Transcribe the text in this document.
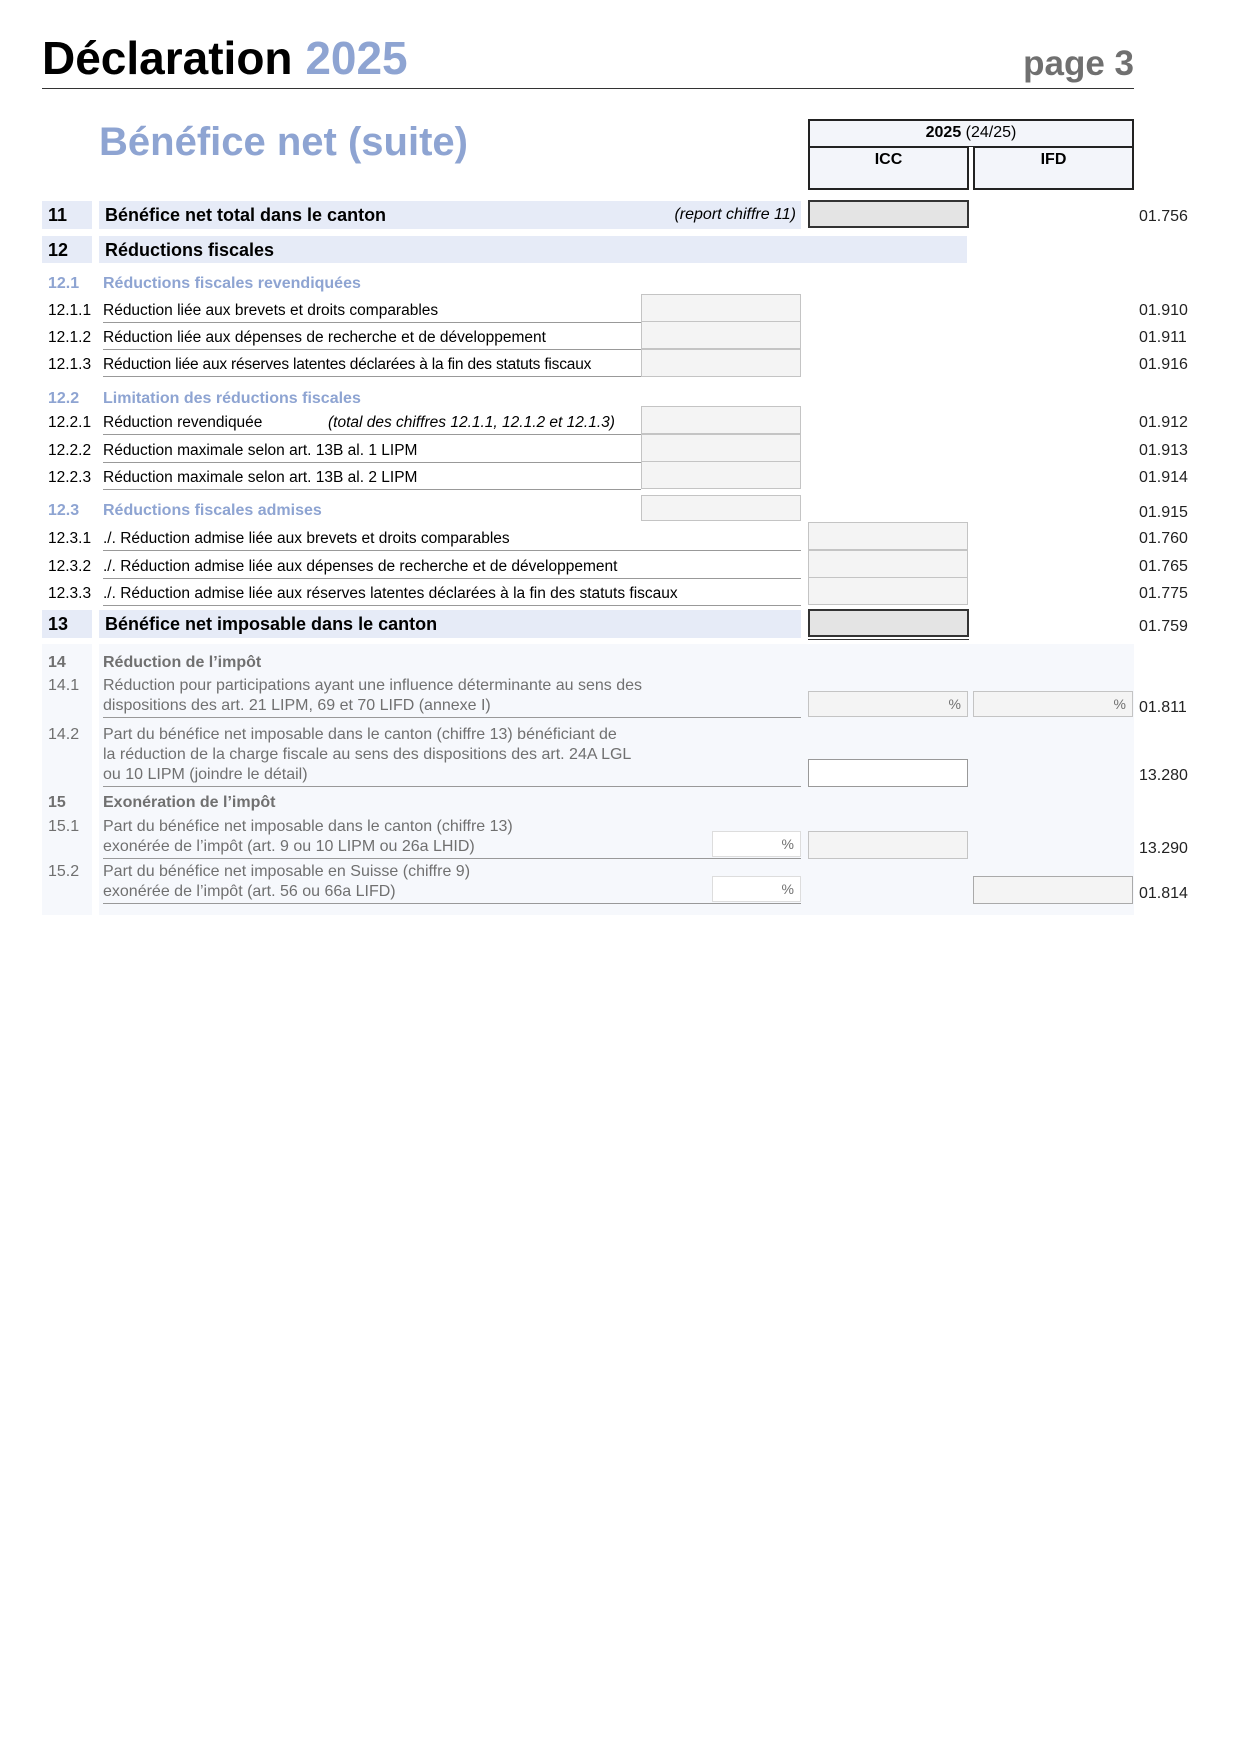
Déclaration 2025	page 3
Bénéfice net (suite)	2025 (24/25)
ICC	IFD
11	Bénéfice net total dans le canton	(report chiffre 11)	01.756
12	Réductions fiscales
12.1 Réductions fiscales revendiquées
12.1.1 Réduction liée aux brevets et droits comparables	01.910
12.1.2 Réduction liée aux dépenses de recherche et de développement	01.911
12.1.3 Réduction liée aux réserves latentes déclarées à la fin des statuts fiscaux	01.916
12.2 Limitation des réductions fiscales
12.2.1 Réduction revendiquée	(total des chiffres 12.1.1, 12.1.2 et 12.1.3)	01.912
12.2.2 Réduction maximale selon art. 13B al. 1 LIPM	01.913
12.2.3 Réduction maximale selon art. 13B al. 2 LIPM	01.914
12.3 Réductions fiscales admises	01.915
12.3.1 ./. Réduction admise liée aux brevets et droits comparables	01.760
12.3.2 ./. Réduction admise liée aux dépenses de recherche et de développement	01.765
12.3.3 ./. Réduction admise liée aux réserves latentes déclarées à la fin des statuts fiscaux	01.775
13	Bénéfice net imposable dans le canton	01.759
14 Réduction de l’impôt
14.1 Réduction pour participations ayant une influence déterminante au sens des
dispositions des art. 21 LIPM, 69 et 70 LIFD (annexe I)	%	% 01.811
14.2 Part du bénéfice net imposable dans le canton (chiffre 13) bénéficiant de
la réduction de la charge fiscale au sens des dispositions des art. 24A LGL
ou 10 LIPM (joindre le détail)	13.280
15 Exonération de l’impôt
15.1 Part du bénéfice net imposable dans le canton (chiffre 13)
exonérée de l’impôt (art. 9 ou 10 LIPM ou 26a LHID)	%	13.290
15.2 Part du bénéfice net imposable en Suisse (chiffre 9)
exonérée de l’impôt (art. 56 ou 66a LIFD)	%	01.814
